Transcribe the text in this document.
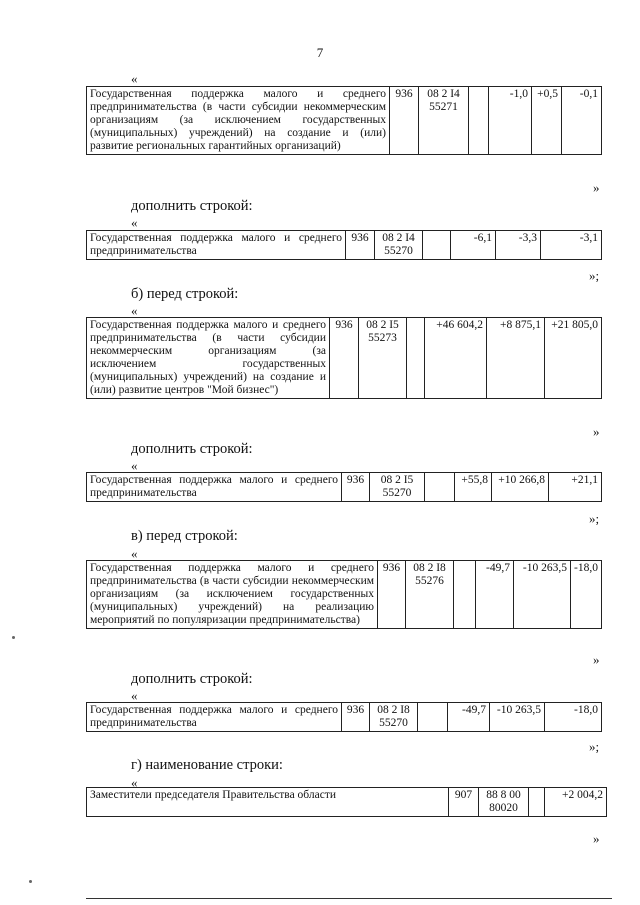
7
«
Государственная поддержка малого и среднего предпринимательства (в части субсидии некоммерческим организациям (за исключением государственных (муниципальных) учреждений) на создание и (или) развитие региональных гарантийных организаций)	936	08 2 I4 55271		-1,0	+0,5	-0,1
»
дополнить строкой:
«
Государственная поддержка малого и среднего предпринимательства	936	08 2 I4 55270		-6,1	-3,3	-3,1
»;
б) перед строкой:
«
Государственная поддержка малого и среднего предпринимательства (в части субсидии некоммерческим организациям (за исключением государственных (муниципальных) учреждений) на создание и (или) развитие центров "Мой бизнес")	936	08 2 I5 55273		+46 604,2	+8 875,1	+21 805,0
»
дополнить строкой:
«
Государственная поддержка малого и среднего предпринимательства	936	08 2 I5 55270		+55,8	+10 266,8	+21,1
»;
в) перед строкой:
«
Государственная поддержка малого и среднего предпринимательства (в части субсидии некоммерческим организациям (за исключением государственных (муниципальных) учреждений) на реализацию мероприятий по популяризации предпринимательства)	936	08 2 I8 55276		-49,7	-10 263,5	-18,0
»
дополнить строкой:
«
Государственная поддержка малого и среднего предпринимательства	936	08 2 I8 55270		-49,7	-10 263,5	-18,0
»;
г) наименование строки:
«
Заместители председателя Правительства области	907	88 8 00 80020		+2 004,2
»
